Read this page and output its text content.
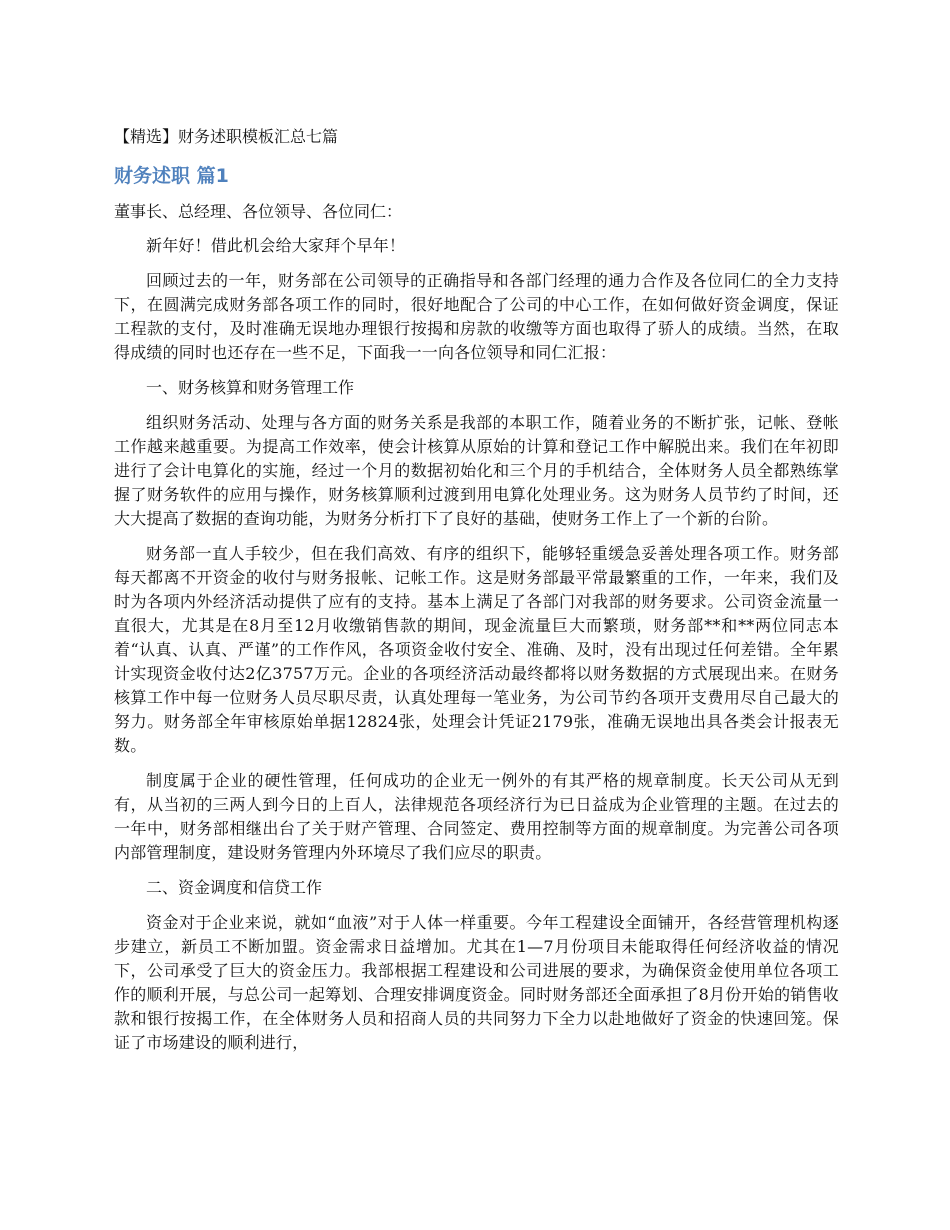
【精选】财务述职模板汇总七篇

财务述职 篇1

董事长、总经理、各位领导、各位同仁：

新年好！借此机会给大家拜个早年！

回顾过去的一年，财务部在公司领导的正确指导和各部门经理的通力合作及各位同仁的全力支持下，在圆满完成财务部各项工作的同时，很好地配合了公司的中心工作，在如何做好资金调度，保证工程款的支付，及时准确无误地办理银行按揭和房款的收缴等方面也取得了骄人的成绩。当然，在取得成绩的同时也还存在一些不足，下面我一一向各位领导和同仁汇报：

一、财务核算和财务管理工作

组织财务活动、处理与各方面的财务关系是我部的本职工作，随着业务的不断扩张，记帐、登帐工作越来越重要。为提高工作效率，使会计核算从原始的计算和登记工作中解脱出来。我们在年初即进行了会计电算化的实施，经过一个月的数据初始化和三个月的手机结合，全体财务人员全都熟练掌握了财务软件的应用与操作，财务核算顺利过渡到用电算化处理业务。这为财务人员节约了时间，还大大提高了数据的查询功能，为财务分析打下了良好的基础，使财务工作上了一个新的台阶。

财务部一直人手较少，但在我们高效、有序的组织下，能够轻重缓急妥善处理各项工作。财务部每天都离不开资金的收付与财务报帐、记帐工作。这是财务部最平常最繁重的工作，一年来，我们及时为各项内外经济活动提供了应有的支持。基本上满足了各部门对我部的财务要求。公司资金流量一直很大，尤其是在8月至12月收缴销售款的期间，现金流量巨大而繁琐，财务部**和**两位同志本着“认真、认真、严谨”的工作作风，各项资金收付安全、准确、及时，没有出现过任何差错。全年累计实现资金收付达2亿3757万元。企业的各项经济活动最终都将以财务数据的方式展现出来。在财务核算工作中每一位财务人员尽职尽责，认真处理每一笔业务，为公司节约各项开支费用尽自己最大的努力。财务部全年审核原始单据12824张，处理会计凭证2179张，准确无误地出具各类会计报表无数。

制度属于企业的硬性管理，任何成功的企业无一例外的有其严格的规章制度。长天公司从无到有，从当初的三两人到今日的上百人，法律规范各项经济行为已日益成为企业管理的主题。在过去的一年中，财务部相继出台了关于财产管理、合同签定、费用控制等方面的规章制度。为完善公司各项内部管理制度，建设财务管理内外环境尽了我们应尽的职责。

二、资金调度和信贷工作

资金对于企业来说，就如“血液”对于人体一样重要。今年工程建设全面铺开，各经营管理机构逐步建立，新员工不断加盟。资金需求日益增加。尤其在1—7月份项目未能取得任何经济收益的情况下，公司承受了巨大的资金压力。我部根据工程建设和公司进展的要求，为确保资金使用单位各项工作的顺利开展，与总公司一起筹划、合理安排调度资金。同时财务部还全面承担了8月份开始的销售收款和银行按揭工作，在全体财务人员和招商人员的共同努力下全力以赴地做好了资金的快速回笼。保证了市场建设的顺利进行，
